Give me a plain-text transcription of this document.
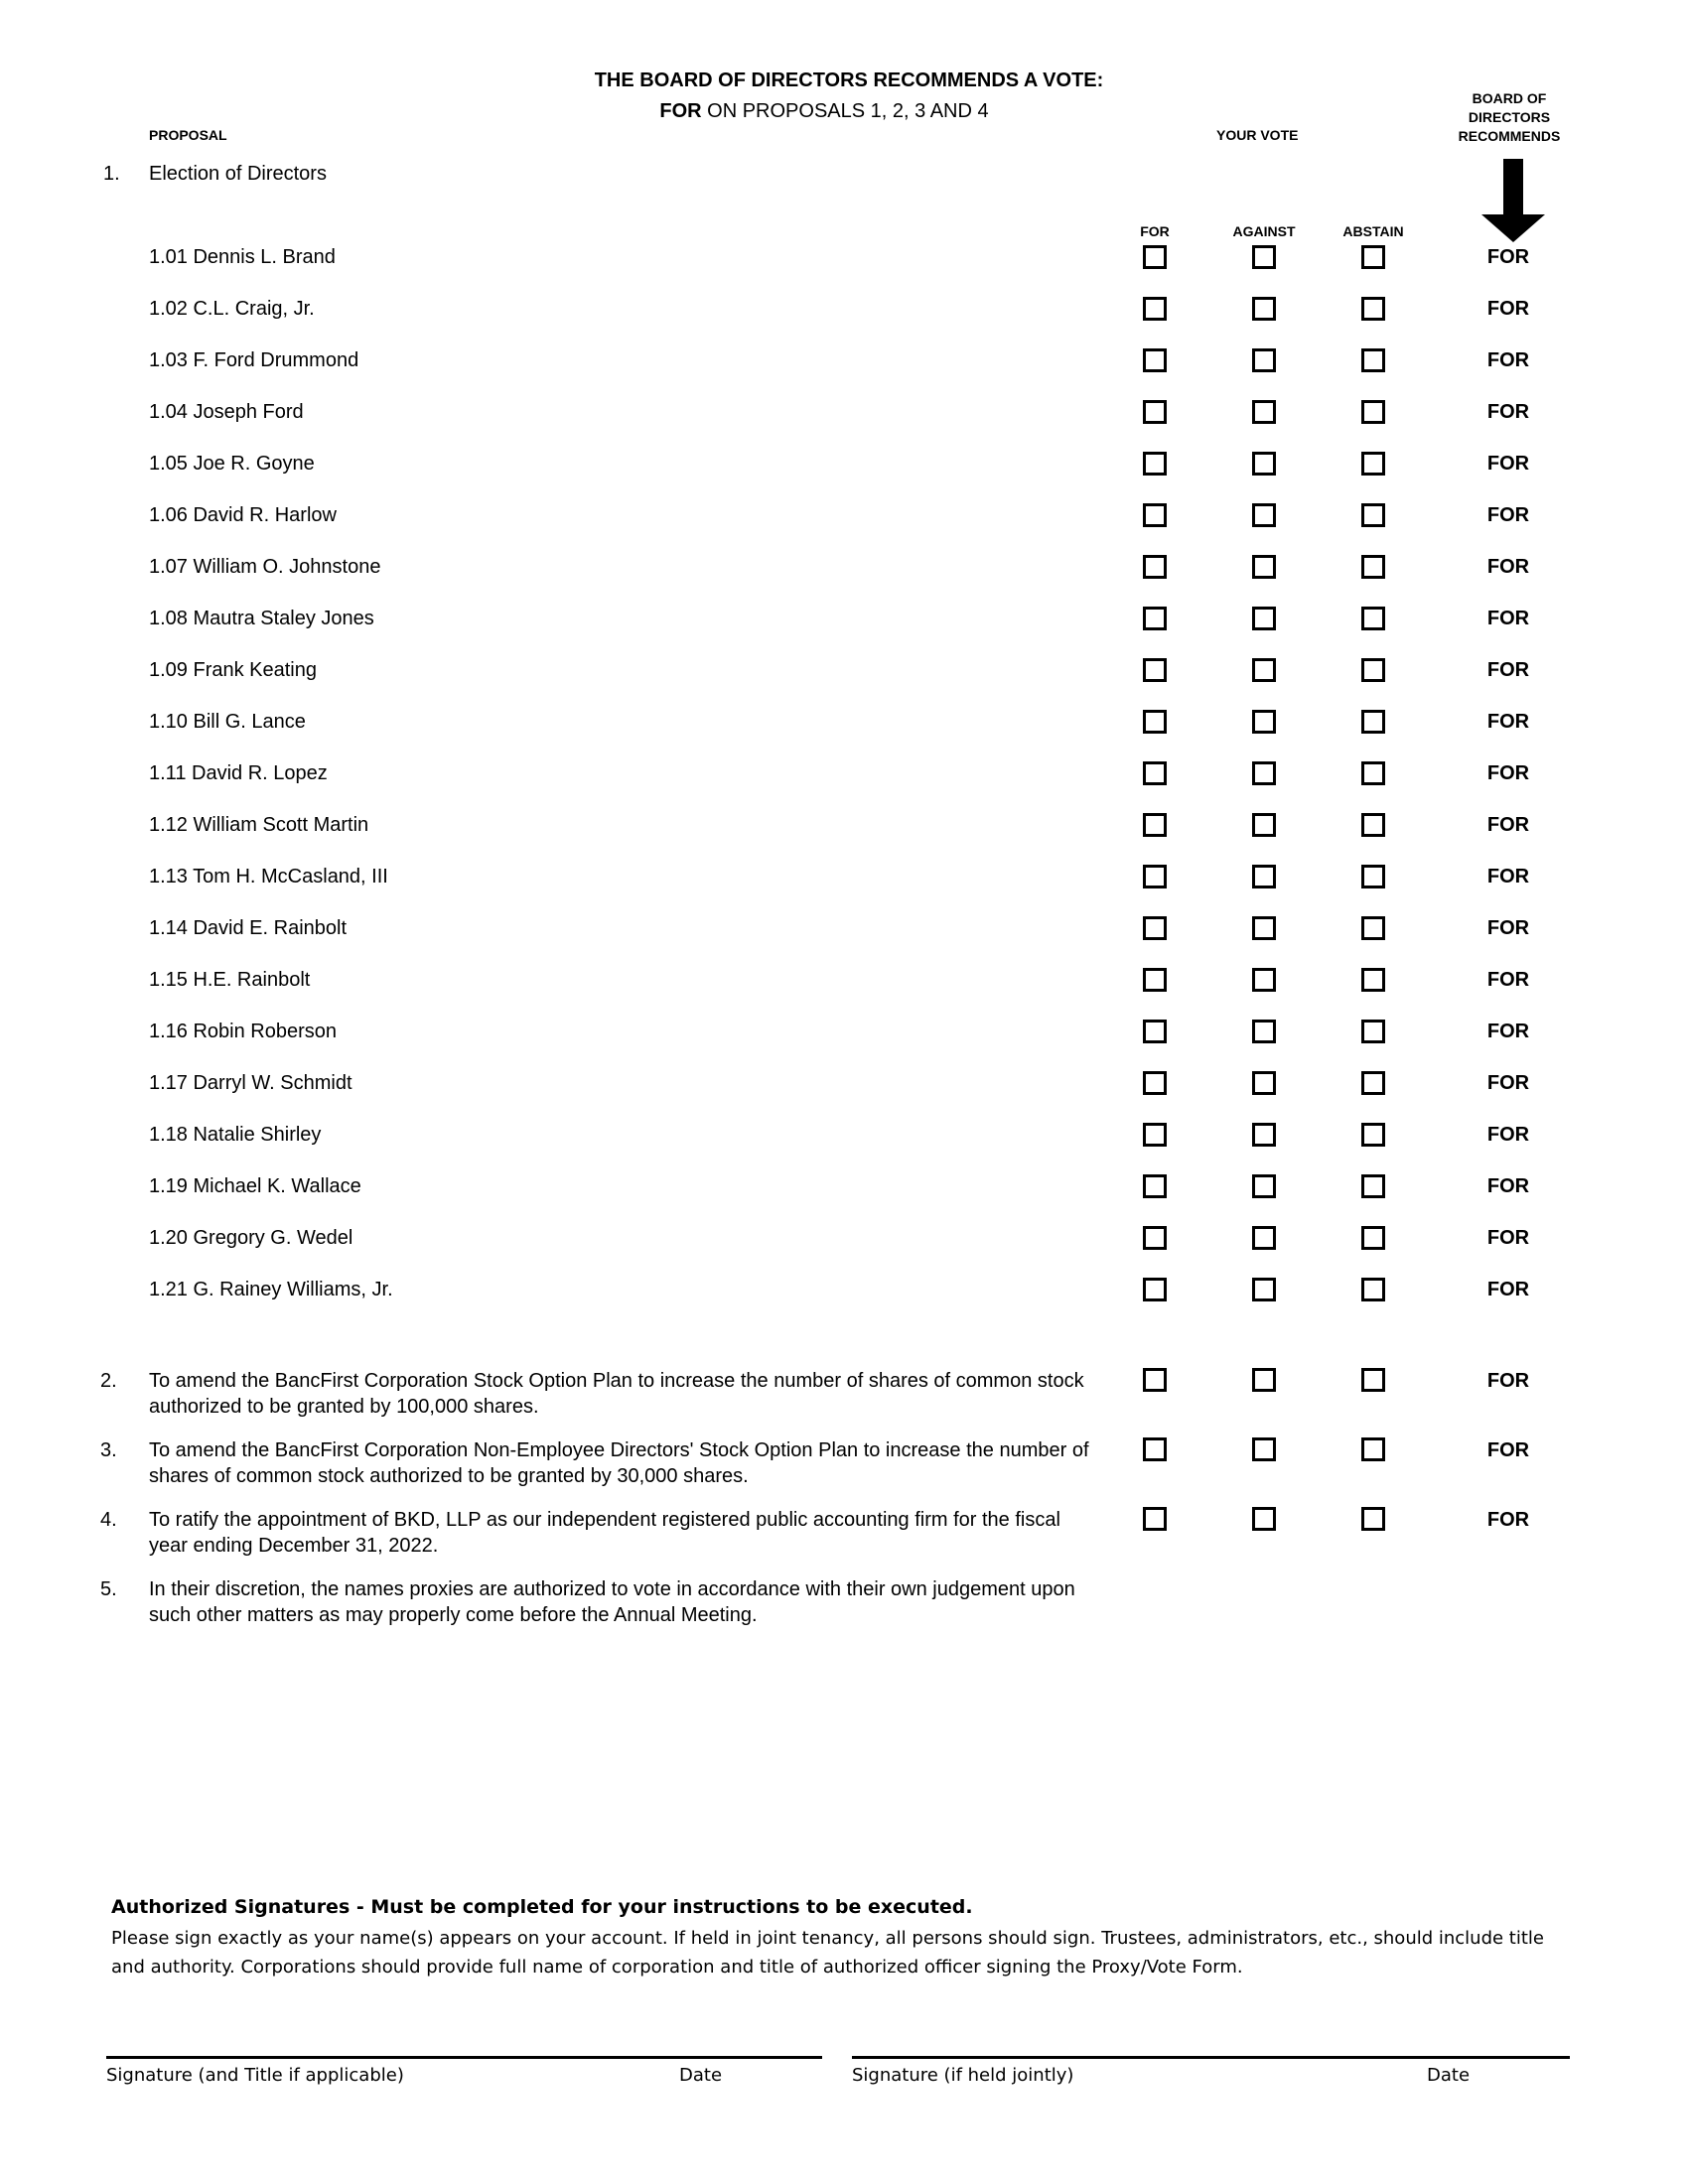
THE BOARD OF DIRECTORS RECOMMENDS A VOTE:
FOR ON PROPOSALS 1, 2, 3 AND 4
PROPOSAL	YOUR VOTE
BOARD OF
DIRECTORS
RECOMMENDS
1. Election of Directors
FOR	AGAINST	ABSTAIN
1.01 Dennis L. Brand	FOR
1.02 C.L. Craig, Jr.	FOR
1.03 F. Ford Drummond	FOR
1.04 Joseph Ford	FOR
1.05 Joe R. Goyne	FOR
1.06 David R. Harlow	FOR
1.07 William O. Johnstone	FOR
1.08 Mautra Staley Jones	FOR
1.09 Frank Keating	FOR
1.10 Bill G. Lance	FOR
1.11 David R. Lopez	FOR
1.12 William Scott Martin	FOR
1.13 Tom H. McCasland, III	FOR
1.14 David E. Rainbolt	FOR
1.15 H.E. Rainbolt	FOR
1.16 Robin Roberson	FOR
1.17 Darryl W. Schmidt	FOR
1.18 Natalie Shirley	FOR
1.19 Michael K. Wallace	FOR
1.20 Gregory G. Wedel	FOR
1.21 G. Rainey Williams, Jr.	FOR
2. To amend the BancFirst Corporation Stock Option Plan to increase the number of shares of common stock authorized to be granted by 100,000 shares.
FOR
3. To amend the BancFirst Corporation Non-Employee Directors' Stock Option Plan to increase the number of shares of common stock authorized to be granted by 30,000 shares.
FOR
4. To ratify the appointment of BKD, LLP as our independent registered public accounting firm for the fiscal year ending December 31, 2022.
FOR
5. In their discretion, the names proxies are authorized to vote in accordance with their own judgement upon such other matters as may properly come before the Annual Meeting.
Authorized Signatures - Must be completed for your instructions to be executed.
Please sign exactly as your name(s) appears on your account. If held in joint tenancy, all persons should sign. Trustees, administrators, etc., should include title and authority. Corporations should provide full name of corporation and title of authorized officer signing the Proxy/Vote Form.
Signature (and Title if applicable)	Date	Signature (if held jointly)	Date
